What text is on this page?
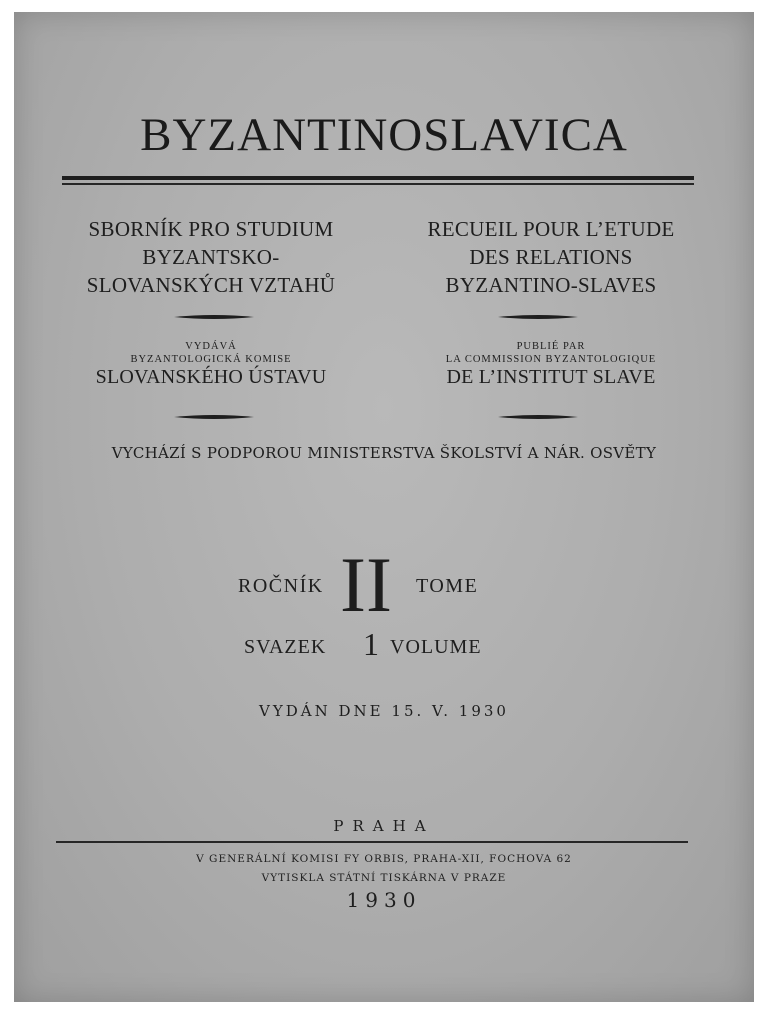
BYZANTINOSLAVICA
SBORNÍK PRO STUDIUM
BYZANTSKO-
SLOVANSKÝCH VZTAHŮ
RECUEIL POUR L’ETUDE
DES RELATIONS
BYZANTINO-SLAVES
VYDÁVÁ
BYZANTOLOGICKÁ KOMISE
SLOVANSKÉHO ÚSTAVU
PUBLIÉ PAR
LA COMMISSION BYZANTOLOGIQUE
DE L’INSTITUT SLAVE
VYCHÁZÍ S PODPOROU MINISTERSTVA ŠKOLSTVÍ A NÁR. OSVĚTY
ROČNÍK II TOME
SVAZEK 1 VOLUME
VYDÁN DNE 15. V. 1930
PRAHA
V GENERÁLNÍ KOMISI FY ORBIS, PRAHA-XII, FOCHOVA 62
VYTISKLA STÁTNÍ TISKÁRNA V PRAZE
1930
